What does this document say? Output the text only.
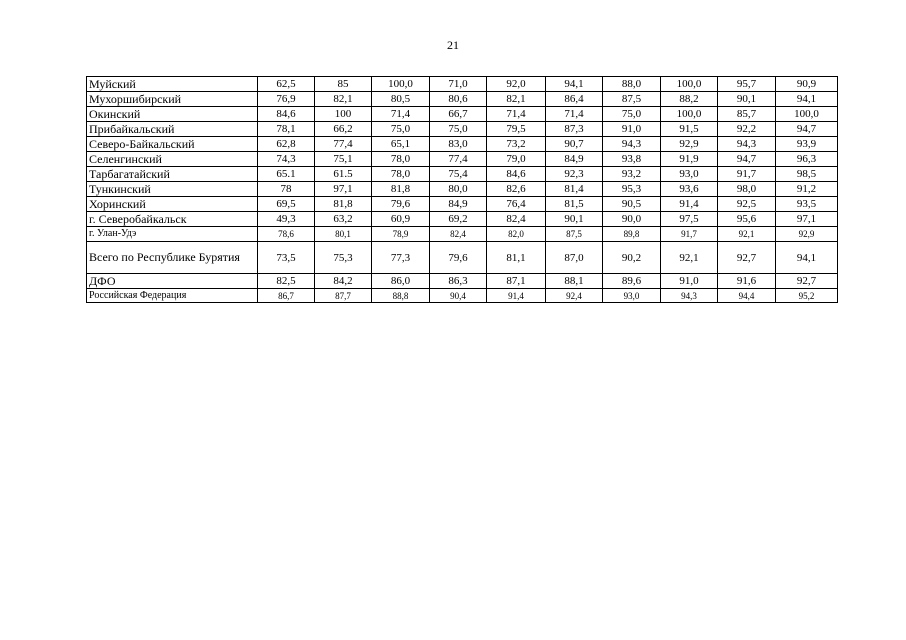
21
Муйский	62,5	85	100,0	71,0	92,0	94,1	88,0	100,0	95,7	90,9
Мухоршибирский	76,9	82,1	80,5	80,6	82,1	86,4	87,5	88,2	90,1	94,1
Окинский	84,6	100	71,4	66,7	71,4	71,4	75,0	100,0	85,7	100,0
Прибайкальский	78,1	66,2	75,0	75,0	79,5	87,3	91,0	91,5	92,2	94,7
Северо-Байкальский	62,8	77,4	65,1	83,0	73,2	90,7	94,3	92,9	94,3	93,9
Селенгинский	74,3	75,1	78,0	77,4	79,0	84,9	93,8	91,9	94,7	96,3
Тарбагатайский	65.1	61.5	78,0	75,4	84,6	92,3	93,2	93,0	91,7	98,5
Тункинский	78	97,1	81,8	80,0	82,6	81,4	95,3	93,6	98,0	91,2
Хоринский	69,5	81,8	79,6	84,9	76,4	81,5	90,5	91,4	92,5	93,5
г. Северобайкальск	49,3	63,2	60,9	69,2	82,4	90,1	90,0	97,5	95,6	97,1
г. Улан-Удэ	78,6	80,1	78,9	82,4	82,0	87,5	89,8	91,7	92,1	92,9
Всего по Республике Бурятия	73,5	75,3	77,3	79,6	81,1	87,0	90,2	92,1	92,7	94,1
ДФО	82,5	84,2	86,0	86,3	87,1	88,1	89,6	91,0	91,6	92,7
Российская Федерация	86,7	87,7	88,8	90,4	91,4	92,4	93,0	94,3	94,4	95,2
